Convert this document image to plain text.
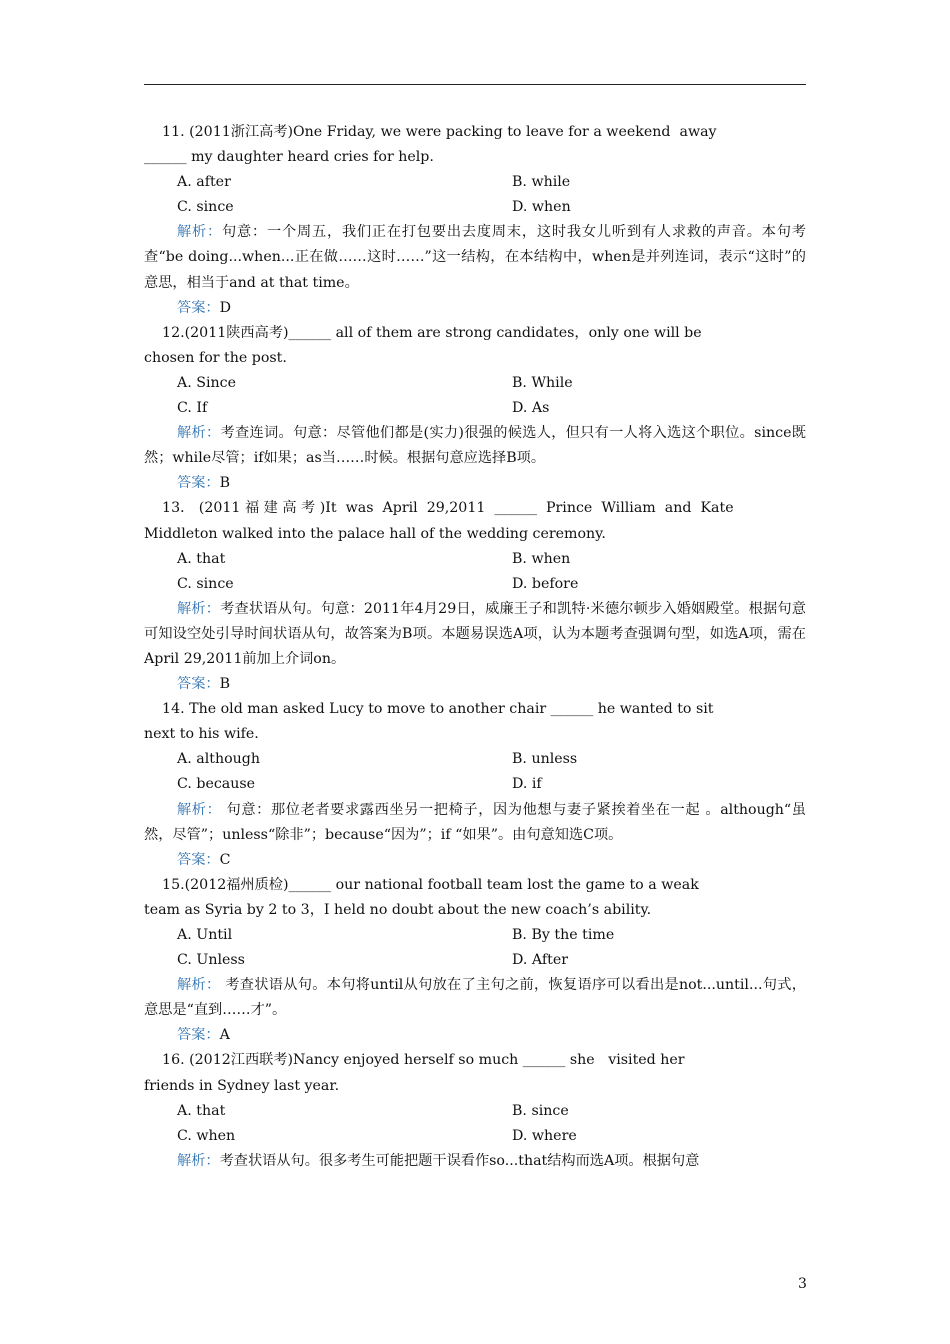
11. (2011浙江高考)One Friday, we were packing to leave for a weekend  away
______ my daughter heard cries for help.
A. after	B. while
C. since	D. when
解析：句意：一个周五，我们正在打包要出去度周末，这时我女儿听到有人求救的声音。本句考查“be doing...when...正在做……这时……”这一结构，在本结构中，when是并列连词，表示“这时”的意思，相当于and at that time。
答案：D
12.(2011陕西高考)______ all of them are strong candidates，only one will be
chosen for the post.
A. Since	B. While
C. If	D. As
解析：考查连词。句意：尽管他们都是(实力)很强的候选人，但只有一人将入选这个职位。since既然；while尽管；if如果；as当……时候。根据句意应选择B项。
答案：B
13． (2011 福 建 高 考 )It  was  April  29,2011  ______  Prince  William  and  Kate
Middleton walked into the palace hall of the wedding ceremony.
A. that	B. when
C. since	D. before
解析：考查状语从句。句意：2011年4月29日，威廉王子和凯特·米德尔顿步入婚姻殿堂。根据句意可知设空处引导时间状语从句，故答案为B项。本题易误选A项，认为本题考查强调句型，如选A项，需在April 29,2011前加上介词on。
答案：B
14. The old man asked Lucy to move to another chair ______ he wanted to sit
next to his wife.
A. although	B. unless
C. because	D. if
解析： 句意：那位老者要求露西坐另一把椅子，因为他想与妻子紧挨着坐在一起 。although“虽然，尽管”；unless“除非”；because“因为”；if “如果”。由句意知选C项。
答案：C
15.(2012福州质检)______ our national football team lost the game to a weak
team as Syria by 2 to 3，I held no doubt about the new coach’s ability.
A. Until	B. By the time
C. Unless	D. After
解析： 考查状语从句。本句将until从句放在了主句之前，恢复语序可以看出是not...until...句式，意思是“直到……才”。
答案：A
16. (2012江西联考)Nancy enjoyed herself so much ______ she   visited her
friends in Sydney last year.
A. that	B. since
C. when	D. where
解析：考查状语从句。很多考生可能把题干误看作so...that结构而选A项。根据句意
3
